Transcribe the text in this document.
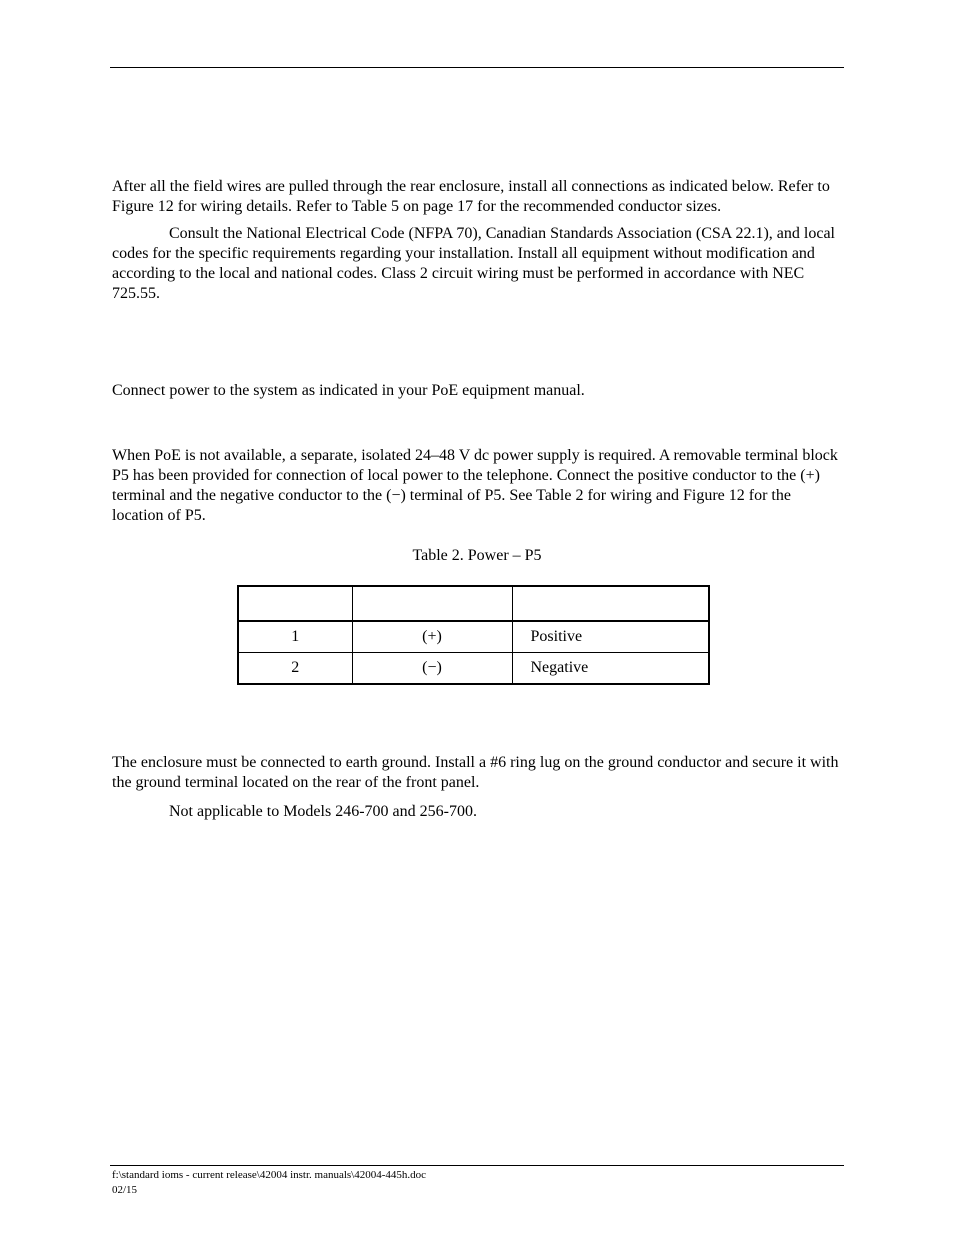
After all the field wires are pulled through the rear enclosure, install all connections as indicated below. Refer to Figure 12 for wiring details. Refer to Table 5 on page 17 for the recommended conductor sizes.

Consult the National Electrical Code (NFPA 70), Canadian Standards Association (CSA 22.1), and local codes for the specific requirements regarding your installation. Install all equipment without modification and according to the local and national codes. Class 2 circuit wiring must be performed in accordance with NEC 725.55.

Connect power to the system as indicated in your PoE equipment manual.

When PoE is not available, a separate, isolated 24–48 V dc power supply is required. A removable terminal block P5 has been provided for connection of local power to the telephone. Connect the positive conductor to the (+) terminal and the negative conductor to the (−) terminal of P5. See Table 2 for wiring and Figure 12 for the location of P5.

Table 2. Power – P5

1	(+)	Positive
2	(−)	Negative

The enclosure must be connected to earth ground. Install a #6 ring lug on the ground conductor and secure it with the ground terminal located on the rear of the front panel.

Not applicable to Models 246-700 and 256-700.

f:\standard ioms - current release\42004 instr. manuals\42004-445h.doc
02/15
